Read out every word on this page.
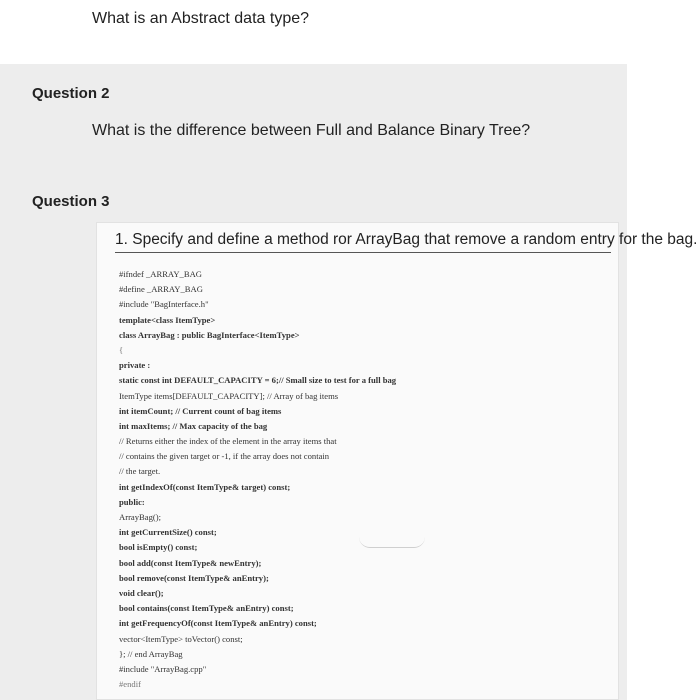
What is an Abstract data type?
Question 2
What is the difference between Full and Balance Binary Tree?
Question 3
1. Specify and define a method ror ArrayBag that remove a random entry for the bag.
#ifndef _ARRAY_BAG
#define _ARRAY_BAG
#include "BagInterface.h"
template<class ItemType>
class ArrayBag : public BagInterface<ItemType>
{
private :
static const int DEFAULT_CAPACITY = 6;// Small size to test for a full bag
ItemType items[DEFAULT_CAPACITY]; // Array of bag items
int itemCount; // Current count of bag items
int maxItems; // Max capacity of the bag
// Returns either the index of the element in the array items that
// contains the given target or -1, if the array does not contain
// the target.
int getIndexOf(const ItemType& target) const;
public:
ArrayBag();
int getCurrentSize() const;
bool isEmpty() const;
bool add(const ItemType& newEntry);
bool remove(const ItemType& anEntry);
void clear();
bool contains(const ItemType& anEntry) const;
int getFrequencyOf(const ItemType& anEntry) const;
vector<ItemType> toVector() const;
}; // end ArrayBag
#include "ArrayBag.cpp"
#endif
